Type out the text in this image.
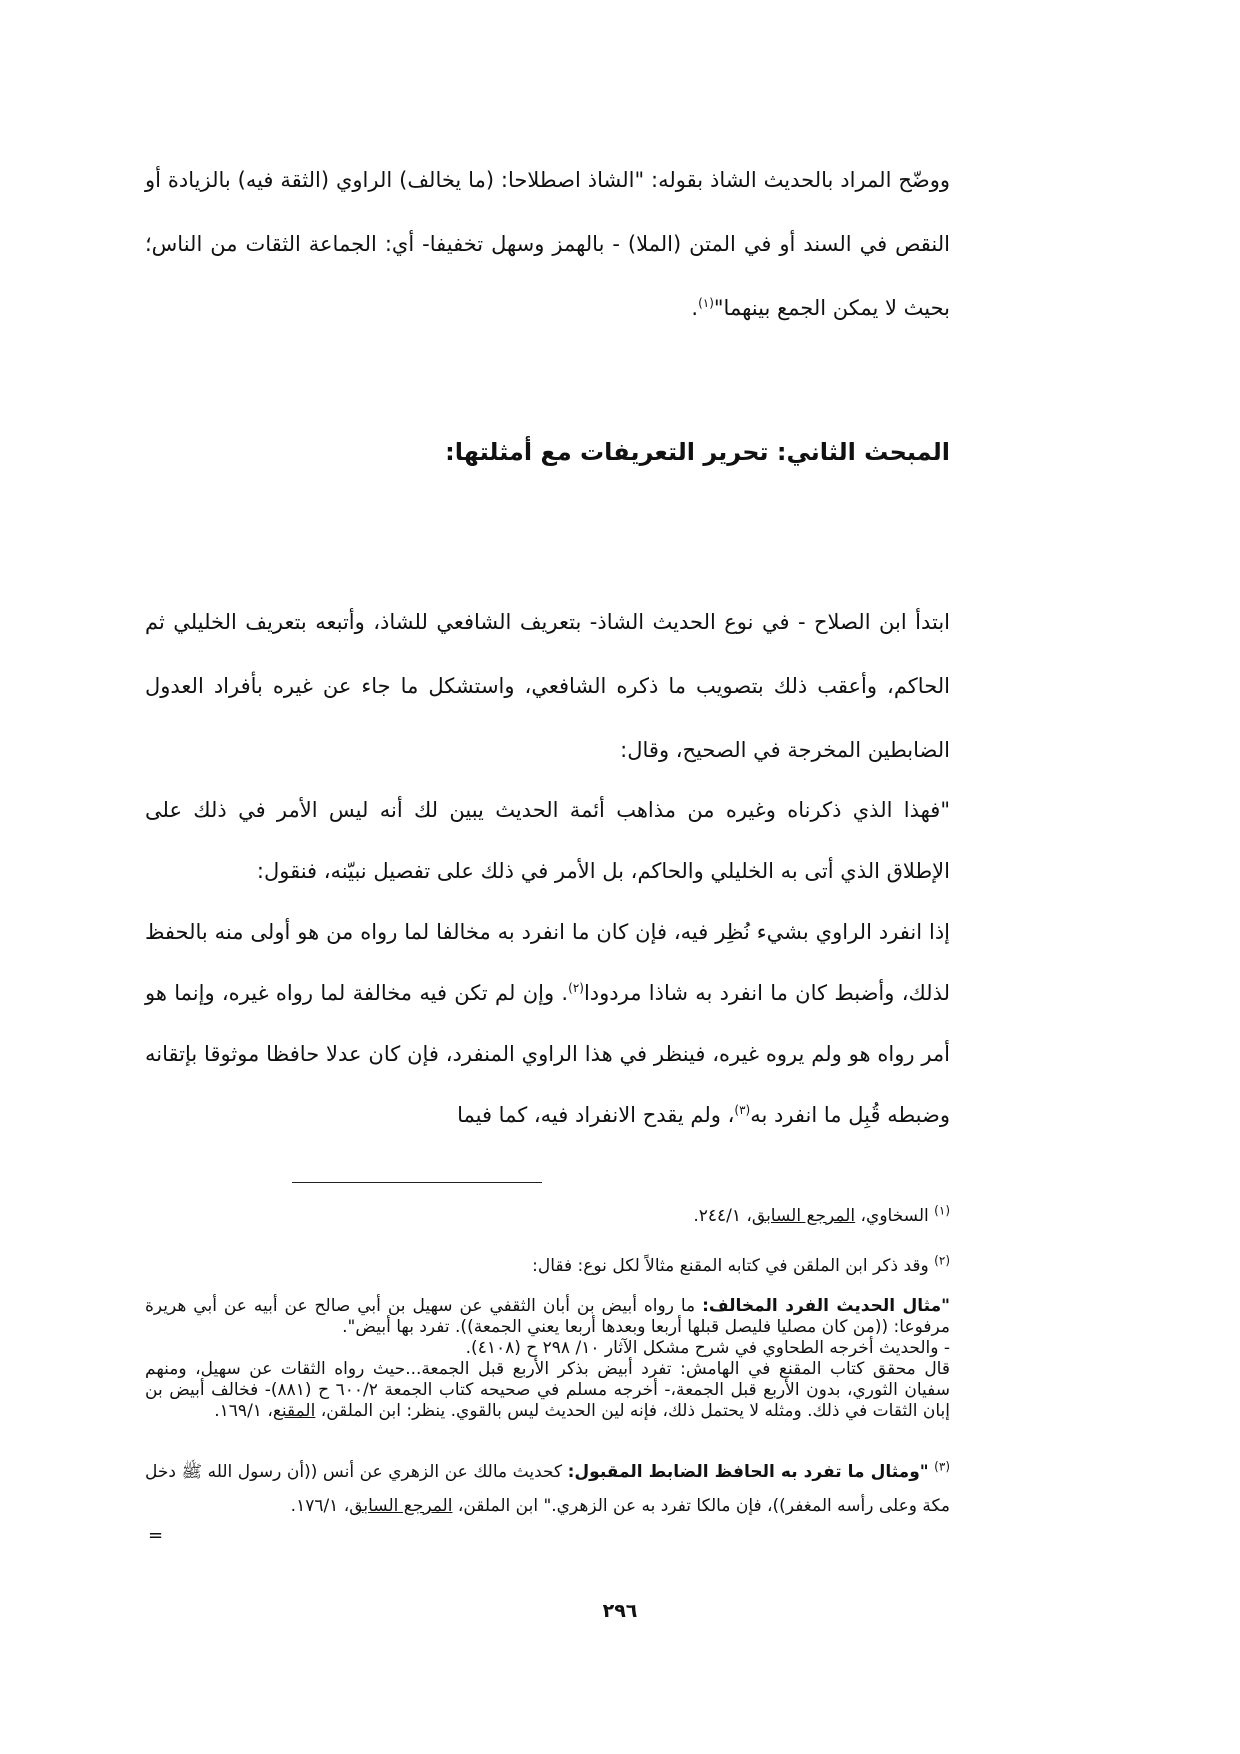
ووضّح المراد بالحديث الشاذ بقوله: "الشاذ اصطلاحا: (ما يخالف) الراوي (الثقة فيه) بالزيادة أو النقص في السند أو في المتن (الملا) - بالهمز وسهل تخفيفا- أي: الجماعة الثقات من الناس؛ بحيث لا يمكن الجمع بينهما"$^{(١)}$.
المبحث الثاني: تحرير التعريفات مع أمثلتها:
ابتدأ ابن الصلاح - في نوع الحديث الشاذ- بتعريف الشافعي للشاذ، وأتبعه بتعريف الخليلي ثم الحاكم، وأعقب ذلك بتصويب ما ذكره الشافعي، واستشكل ما جاء عن غيره بأفراد العدول الضابطين المخرجة في الصحيح، وقال:
"فهذا الذي ذكرناه وغيره من مذاهب أئمة الحديث يبين لك أنه ليس الأمر في ذلك على الإطلاق الذي أتى به الخليلي والحاكم، بل الأمر في ذلك على تفصيل نبيّنه، فنقول:
إذا انفرد الراوي بشيء نُظِر فيه، فإن كان ما انفرد به مخالفا لما رواه من هو أولى منه بالحفظ لذلك، وأضبط كان ما انفرد به شاذا مردودا$^{(٢)}$. وإن لم تكن فيه مخالفة لما رواه غيره، وإنما هو أمر رواه هو ولم يروه غيره، فينظر في هذا الراوي المنفرد، فإن كان عدلا حافظا موثوقا بإتقانه وضبطه قُبِل ما انفرد به$^{(٣)}$، ولم يقدح الانفراد فيه، كما فيما
$^{(١)}$ السخاوي، المرجع السابق، ٢٤٤/١.
$^{(٢)}$ وقد ذكر ابن الملقن في كتابه المقنع مثالاً لكل نوع: فقال:
"مثال الحديث الفرد المخالف: ما رواه أبيض بن أبان الثقفي عن سهيل بن أبي صالح عن أبيه عن أبي هريرة مرفوعا: ((من كان مصليا فليصل قبلها أربعا وبعدها أربعا يعني الجمعة)). تفرد بها أبيض".
- والحديث أخرجه الطحاوي في شرح مشكل الآثار ١٠/ ٢٩٨ ح (٤١٠٨).
قال محقق كتاب المقنع في الهامش: تفرد أبيض بذكر الأربع قبل الجمعة...حيث رواه الثقات عن سهيل، ومنهم سفيان الثوري، بدون الأربع قبل الجمعة،- أخرجه مسلم في صحيحه كتاب الجمعة ٦٠٠/٢ ح (٨٨١)- فخالف أبيض بن إبان الثقات في ذلك. ومثله لا يحتمل ذلك، فإنه لين الحديث ليس بالقوي. ينظر: ابن الملقن، المقنع، ١٦٩/١.
$^{(٣)}$ "ومثال ما تفرد به الحافظ الضابط المقبول: كحديث مالك عن الزهري عن أنس ((أن رسول الله ﷺ دخل مكة وعلى رأسه المغفر))، فإن مالكا تفرد به عن الزهري." ابن الملقن، المرجع السابق، ١٧٦/١.
=
٢٩٦
